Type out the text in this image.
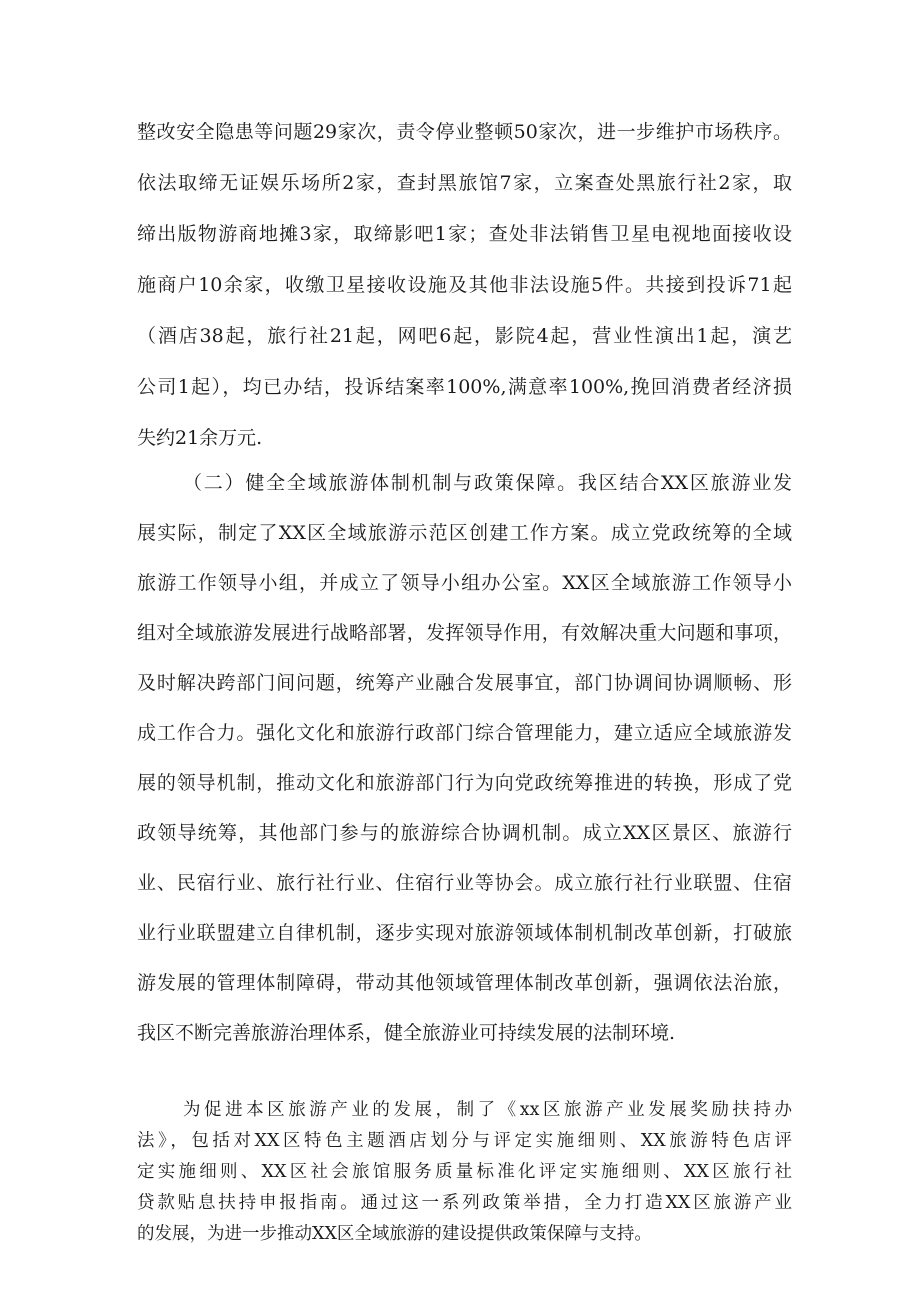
整改安全隐患等问题29家次，责令停业整顿50家次，进一步维护市场秩序。
依法取缔无证娱乐场所2家，查封黑旅馆7家，立案查处黑旅行社2家，取
缔出版物游商地摊3家，取缔影吧1家；查处非法销售卫星电视地面接收设
施商户10余家，收缴卫星接收设施及其他非法设施5件。共接到投诉71起
（酒店38起，旅行社21起，网吧6起，影院4起，营业性演出1起，演艺
公司1起），均已办结，投诉结案率100%,满意率100%,挽回消费者经济损
失约21余万元.
（二）健全全域旅游体制机制与政策保障。我区结合XX区旅游业发
展实际，制定了XX区全域旅游示范区创建工作方案。成立党政统筹的全域
旅游工作领导小组，并成立了领导小组办公室。XX区全域旅游工作领导小
组对全域旅游发展进行战略部署，发挥领导作用，有效解决重大问题和事项，
及时解决跨部门间问题，统筹产业融合发展事宜，部门协调间协调顺畅、形
成工作合力。强化文化和旅游行政部门综合管理能力，建立适应全域旅游发
展的领导机制，推动文化和旅游部门行为向党政统筹推进的转换，形成了党
政领导统筹，其他部门参与的旅游综合协调机制。成立XX区景区、旅游行
业、民宿行业、旅行社行业、住宿行业等协会。成立旅行社行业联盟、住宿
业行业联盟建立自律机制，逐步实现对旅游领域体制机制改革创新，打破旅
游发展的管理体制障碍，带动其他领域管理体制改革创新，强调依法治旅，
我区不断完善旅游治理体系，健全旅游业可持续发展的法制环境.
为促进本区旅游产业的发展，制了《xx区旅游产业发展奖励扶持办
法》，包括对XX区特色主题酒店划分与评定实施细则、XX旅游特色店评
定实施细则、XX区社会旅馆服务质量标准化评定实施细则、XX区旅行社
贷款贴息扶持申报指南。通过这一系列政策举措，全力打造XX区旅游产业
的发展，为进一步推动XX区全域旅游的建设提供政策保障与支持。
